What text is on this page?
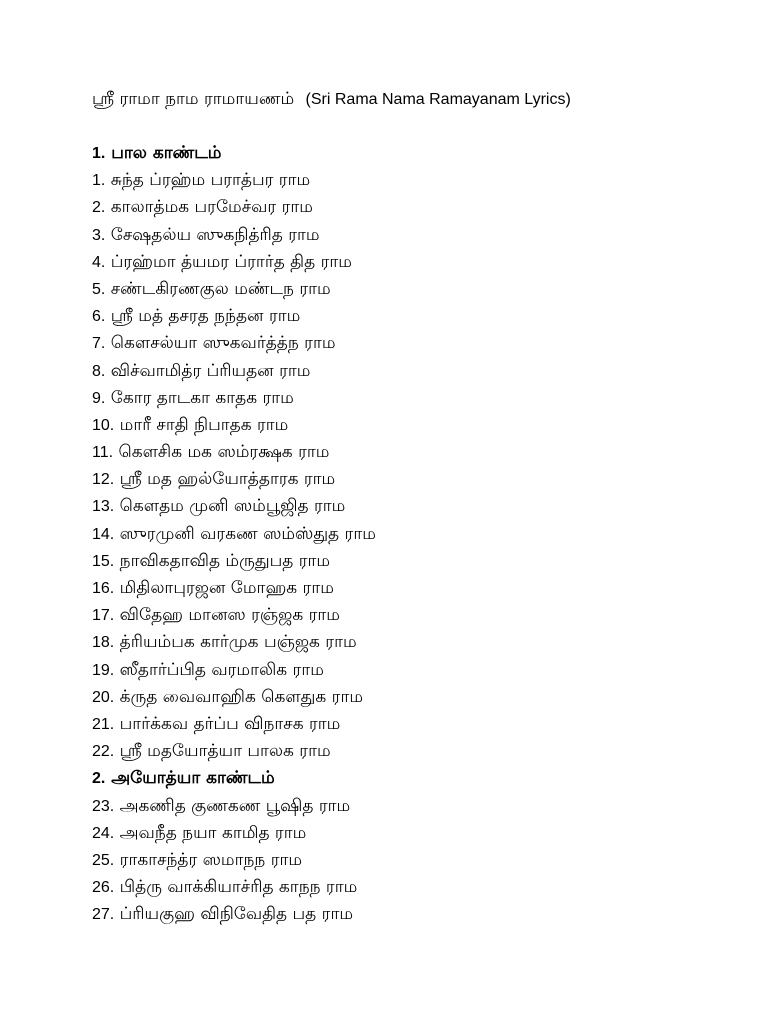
ஸ்ரீ ராமா நாம ராமாயணம் (Sri Rama Nama Ramayanam Lyrics)
1. பால காண்டம்
1. சுந்த ப்ரஹ்ம பராத்பர ராம
2. காலாத்மக பரமேச்வர ராம
3. சேஷதல்ய ஸுகநித்ரித ராம
4. ப்ரஹ்மா த்யமர ப்ரார்த தித ராம
5. சண்டகிரணகுல மண்டந ராம
6. ஸ்ரீ மத் தசரத நந்தன ராம
7. கௌசல்யா ஸுகவர்த்த்ந ராம
8. விச்வாமித்ர ப்ரியதன ராம
9. கோர தாடகா காதக ராம
10. மாரீ சாதி நிபாதக ராம
11. கௌசிக மக ஸம்ரக்ஷக ராம
12. ஸ்ரீ மத ஹல்யோத்தாரக ராம
13. கௌதம முனி ஸம்பூஜித ராம
14. ஸுரமுனி வரகண ஸம்ஸ்துத ராம
15. நாவிகதாவித ம்ருதுபத ராம
16. மிதிலாபுரஜன மோஹக ராம
17. விதேஹ மானஸ ரஞ்ஜக ராம
18. த்ரியம்பக கார்முக பஞ்ஜக ராம
19. ஸீதார்ப்பித வரமாலிக ராம
20. க்ருத வைவாஹிக கௌதுக ராம
21. பார்க்கவ தர்ப்ப விநாசக ராம
22. ஸ்ரீ மதயோத்யா பாலக ராம
2. அயோத்யா காண்டம்
23. அகணித குணகண பூஷித ராம
24. அவநீத நயா காமித ராம
25. ராகாசந்த்ர ஸமாநந ராம
26. பித்ரு வாக்கியாச்ரித காநந ராம
27. ப்ரியகுஹ விநிவேதித பத ராம
